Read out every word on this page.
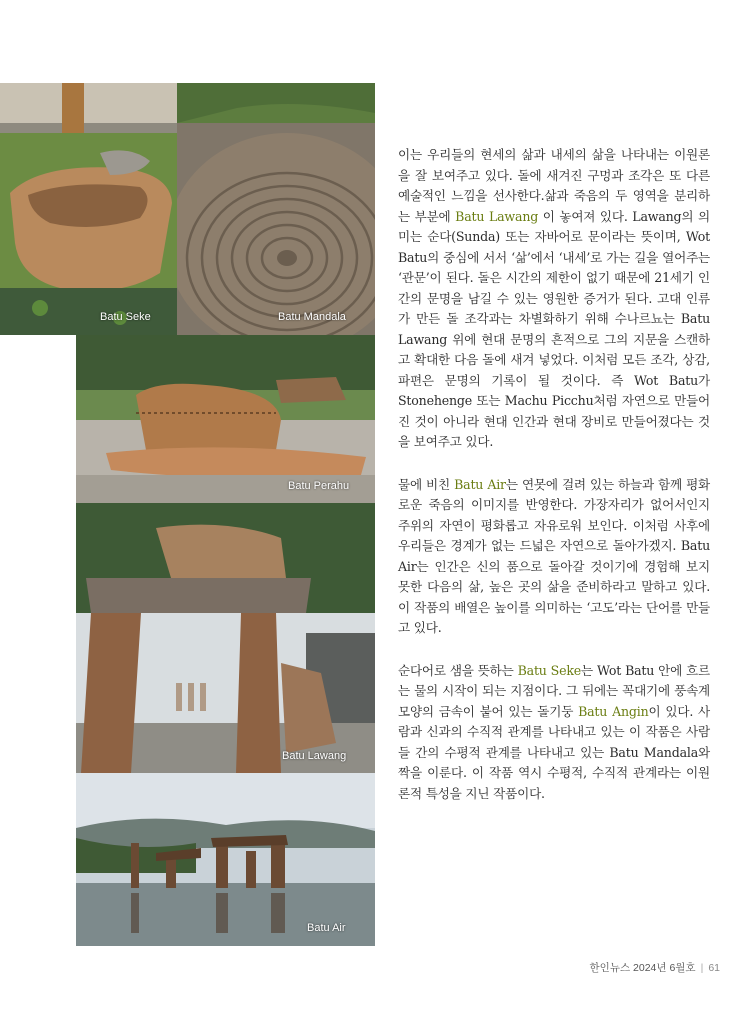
Batu Seke	Batu Mandala
Batu Perahu
Batu Lawang
Batu Air

이는 우리들의 현세의 삶과 내세의 삶을 나타내는 이원론을 잘 보여주고 있다. 돌에 새겨진 구멍과 조각은 또 다른 예술적인 느낌을 선사한다.삶과 죽음의 두 영역을 분리하는 부분에 Batu Lawang 이 놓여져 있다. Lawang의 의미는 순다(Sunda) 또는 자바어로 문이라는 뜻이며, Wot Batu의 중심에 서서 ‘삶’에서 ‘내세’로 가는 길을 열어주는 ‘관문’이 된다. 돌은 시간의 제한이 없기 때문에 21세기 인간의 문명을 남길 수 있는 영원한 증거가 된다. 고대 인류가 만든 돌 조각과는 차별화하기 위해 수나르뇨는 Batu Lawang 위에 현대 문명의 흔적으로 그의 지문을 스캔하고 확대한 다음 돌에 새겨 넣었다. 이처럼 모든 조각, 상감, 파편은 문명의 기록이 될 것이다. 즉 Wot Batu가 Stonehenge 또는 Machu Picchu처럼 자연으로 만들어진 것이 아니라 현대 인간과 현대 장비로 만들어졌다는 것을 보여주고 있다.

물에 비친 Batu Air는 연못에 걸려 있는 하늘과 함께 평화로운 죽음의 이미지를 반영한다. 가장자리가 없어서인지 주위의 자연이 평화롭고 자유로워 보인다. 이처럼 사후에 우리들은 경계가 없는 드넓은 자연으로 돌아가겠지. Batu Air는 인간은 신의 품으로 돌아갈 것이기에 경험해 보지 못한 다음의 삶, 높은 곳의 삶을 준비하라고 말하고 있다. 이 작품의 배열은 높이를 의미하는 ‘고도’라는 단어를 만들고 있다.

순다어로 샘을 뜻하는 Batu Seke는 Wot Batu 안에 흐르는 물의 시작이 되는 지점이다. 그 뒤에는 꼭대기에 풍속계 모양의 금속이 붙어 있는 돌기둥 Batu Angin이 있다. 사람과 신과의 수직적 관계를 나타내고 있는 이 작품은 사람들 간의 수평적 관계를 나타내고 있는 Batu Mandala와 짝을 이룬다. 이 작품 역시 수평적, 수직적 관계라는 이원론적 특성을 지닌 작품이다.

한인뉴스 2024년 6월호 | 61
